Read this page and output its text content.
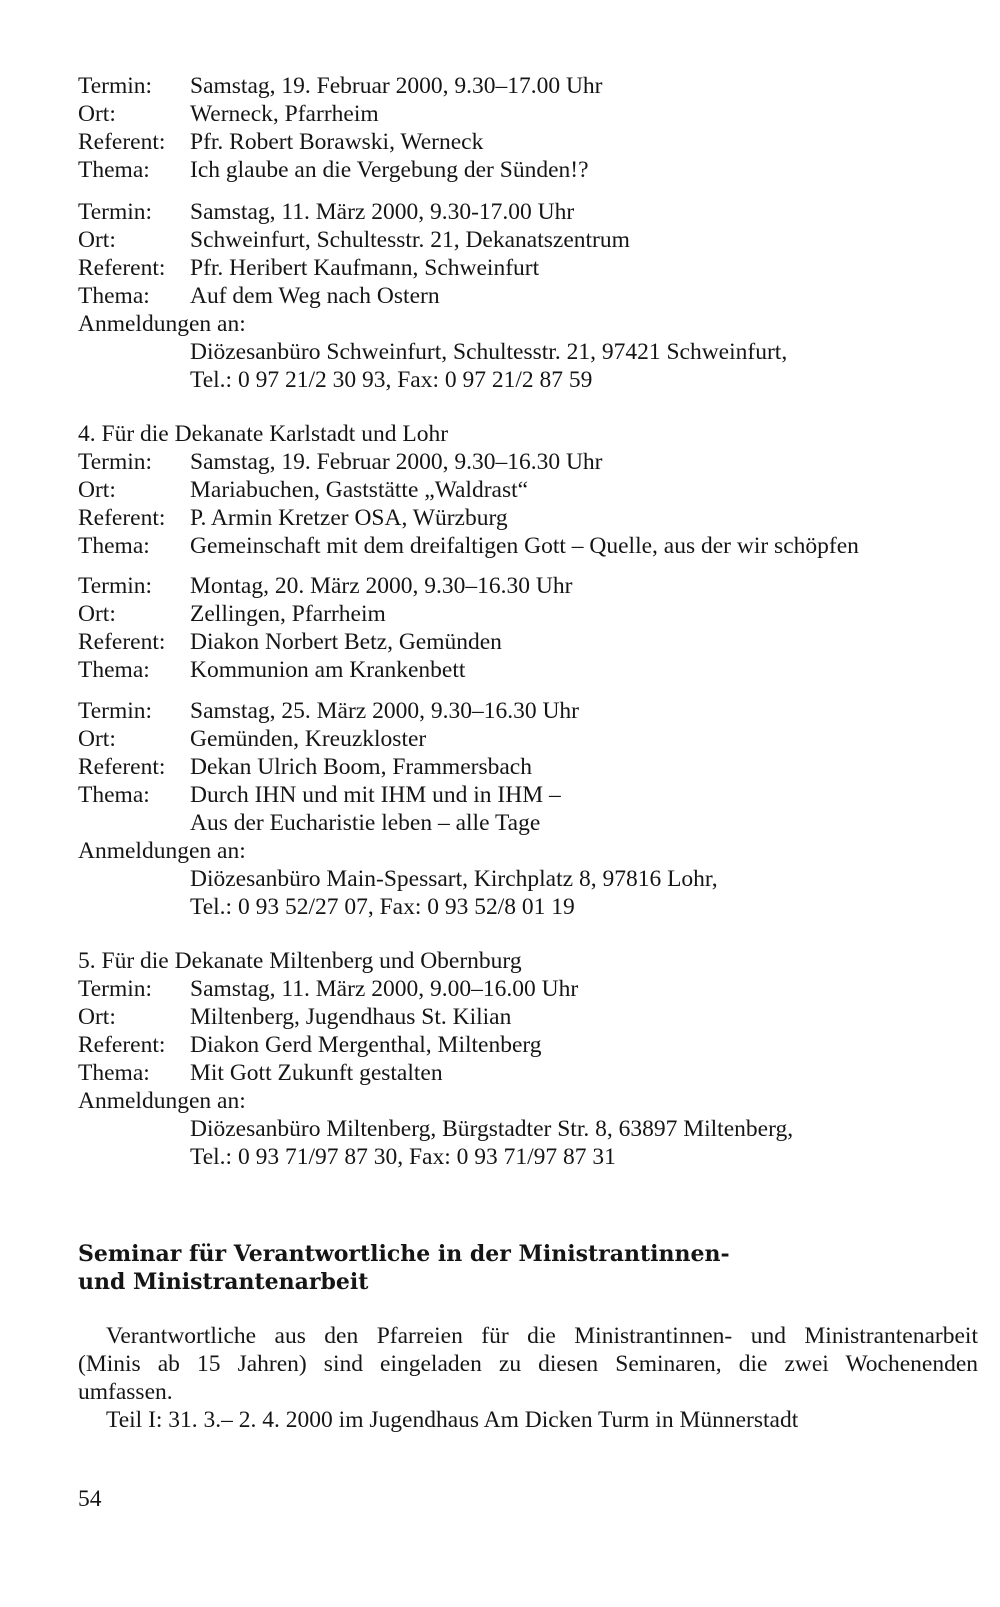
Termin: Samstag, 19. Februar 2000, 9.30–17.00 Uhr
Ort:	Werneck, Pfarrheim
Referent: Pfr. Robert Borawski, Werneck
Thema: Ich glaube an die Vergebung der Sünden!?
Termin: Samstag, 11. März 2000, 9.30-17.00 Uhr
Ort:	Schweinfurt, Schultesstr. 21, Dekanatszentrum
Referent: Pfr. Heribert Kaufmann, Schweinfurt
Thema: Auf dem Weg nach Ostern
Anmeldungen an:
Diözesanbüro Schweinfurt, Schultesstr. 21, 97421 Schweinfurt,
Tel.: 0 97 21/2 30 93, Fax: 0 97 21/2 87 59
4. Für die Dekanate Karlstadt und Lohr
Termin: Samstag, 19. Februar 2000, 9.30–16.30 Uhr
Ort:	Mariabuchen, Gaststätte „Waldrast“
Referent: P. Armin Kretzer OSA, Würzburg
Thema: Gemeinschaft mit dem dreifaltigen Gott – Quelle, aus der wir schöpfen
Termin: Montag, 20. März 2000, 9.30–16.30 Uhr
Ort:	Zellingen, Pfarrheim
Referent: Diakon Norbert Betz, Gemünden
Thema: Kommunion am Krankenbett
Termin: Samstag, 25. März 2000, 9.30–16.30 Uhr
Ort:	Gemünden, Kreuzkloster
Referent: Dekan Ulrich Boom, Frammersbach
Thema: Durch IHN und mit IHM und in IHM –
Aus der Eucharistie leben – alle Tage
Anmeldungen an:
Diözesanbüro Main-Spessart, Kirchplatz 8, 97816 Lohr,
Tel.: 0 93 52/27 07, Fax: 0 93 52/8 01 19
5. Für die Dekanate Miltenberg und Obernburg
Termin: Samstag, 11. März 2000, 9.00–16.00 Uhr
Ort:	Miltenberg, Jugendhaus St. Kilian
Referent: Diakon Gerd Mergenthal, Miltenberg
Thema: Mit Gott Zukunft gestalten
Anmeldungen an:
Diözesanbüro Miltenberg, Bürgstadter Str. 8, 63897 Miltenberg,
Tel.: 0 93 71/97 87 30, Fax: 0 93 71/97 87 31
Seminar für Verantwortliche in der Ministrantinnen-
und Ministrantenarbeit
Verantwortliche aus den Pfarreien für die Ministrantinnen- und Ministrantenarbeit
(Minis ab 15 Jahren) sind eingeladen zu diesen Seminaren, die zwei Wochenenden
umfassen.
Teil I: 31. 3.– 2. 4. 2000 im Jugendhaus Am Dicken Turm in Münnerstadt
54
